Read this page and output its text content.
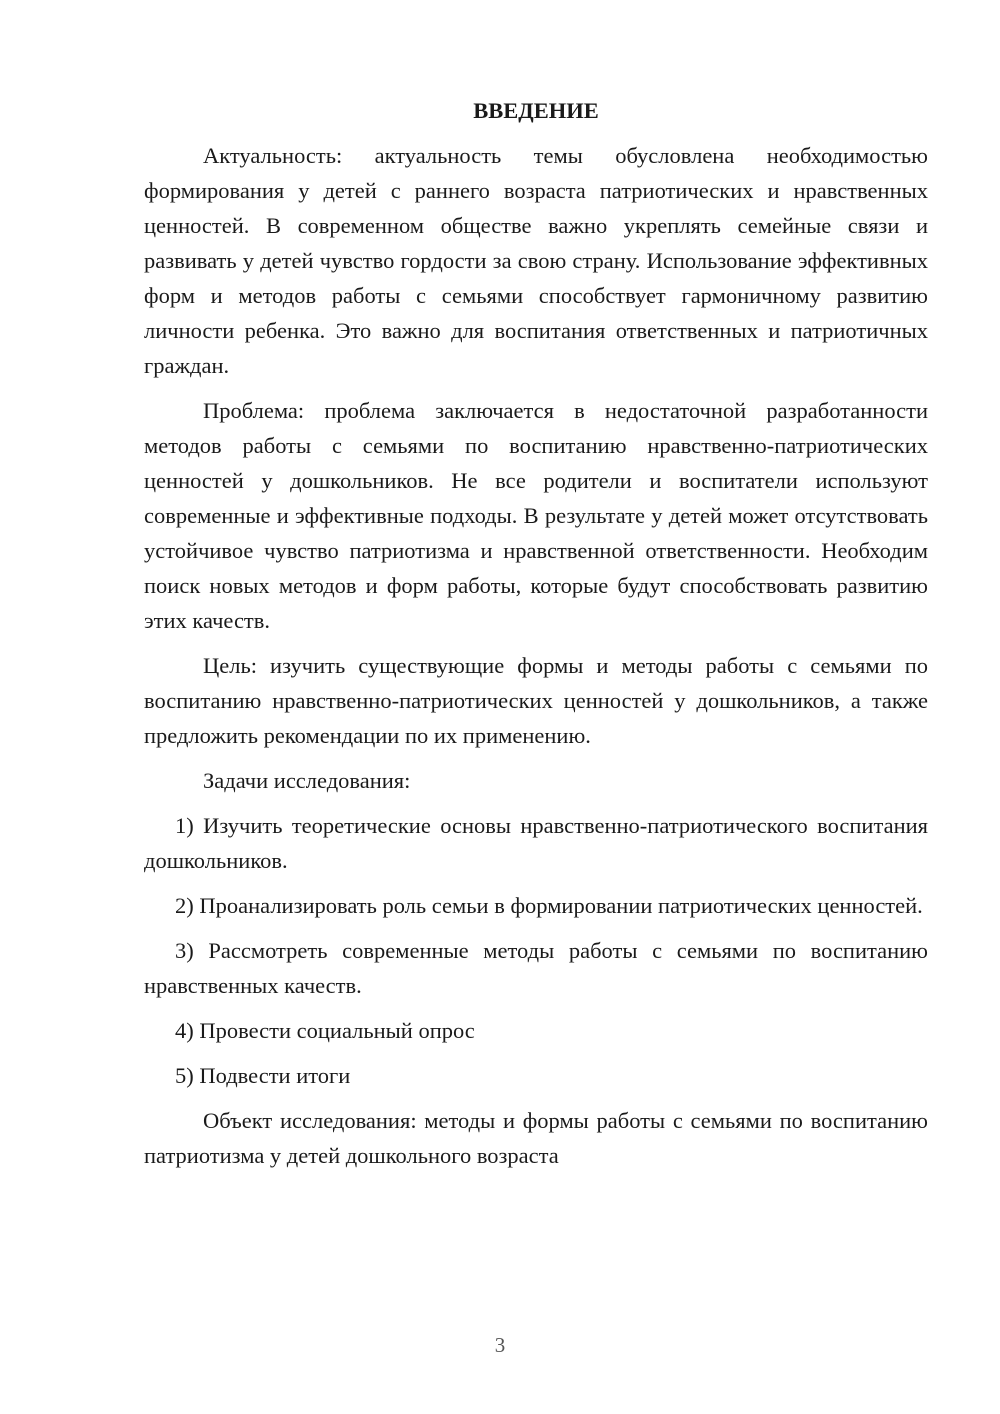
ВВЕДЕНИЕ

Актуальность: актуальность темы обусловлена необходимостью формирования у детей с раннего возраста патриотических и нравственных ценностей. В современном обществе важно укреплять семейные связи и развивать у детей чувство гордости за свою страну. Использование эффективных форм и методов работы с семьями способствует гармоничному развитию личности ребенка. Это важно для воспитания ответственных и патриотичных граждан.

Проблема: проблема заключается в недостаточной разработанности методов работы с семьями по воспитанию нравственно-патриотических ценностей у дошкольников. Не все родители и воспитатели используют современные и эффективные подходы. В результате у детей может отсутствовать устойчивое чувство патриотизма и нравственной ответственности. Необходим поиск новых методов и форм работы, которые будут способствовать развитию этих качеств.

Цель: изучить существующие формы и методы работы с семьями по воспитанию нравственно-патриотических ценностей у дошкольников, а также предложить рекомендации по их применению.

Задачи исследования:

1) Изучить теоретические основы нравственно-патриотического воспитания дошкольников.

2) Проанализировать роль семьи в формировании патриотических ценностей.

3) Рассмотреть современные методы работы с семьями по воспитанию нравственных качеств.

4) Провести социальный опрос

5) Подвести итоги

Объект исследования: методы и формы работы с семьями по воспитанию патриотизма у детей дошкольного возраста

3
